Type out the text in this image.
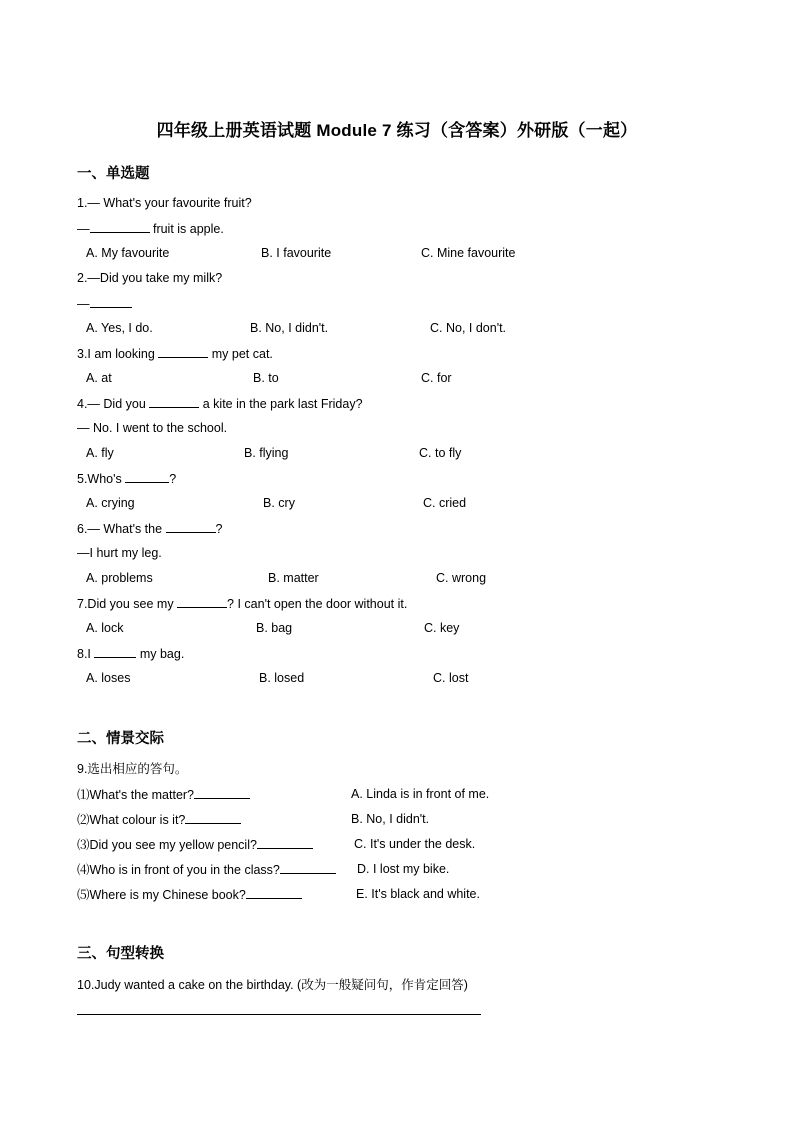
四年级上册英语试题 Module 7 练习（含答案）外研版（一起）
一、单选题
1.— What's your favourite fruit?
—	fruit is apple.
A. My favourite	B. I favourite	C. Mine favourite
2.—Did you take my milk?
—
A. Yes, I do.	B. No, I didn't.	C. No, I don't.
3.I am looking	my pet cat.
A. at	B. to	C. for
4.— Did you	a kite in the park last Friday?
— No. I went to the school.
A. fly	B. flying	C. to fly
5.Who's	?
A. crying	B. cry	C. cried
6.— What's the	?
—I hurt my leg.
A. problems	B. matter	C. wrong
7.Did you see my	? I can't open the door without it.
A. lock	B. bag	C. key
8.I	my bag.
A. loses	B. losed	C. lost
二、情景交际
9.选出相应的答句。
⑴What's the matter?	A. Linda is in front of me.
⑵What colour is it?	B. No, I didn't.
⑶Did you see my yellow pencil?	C. It's under the desk.
⑷Who is in front of you in the class?	D. I lost my bike.
⑸Where is my Chinese book?	E. It's black and white.
三、句型转换
10.Judy wanted a cake on the birthday. (改为一般疑问句，作肯定回答)
